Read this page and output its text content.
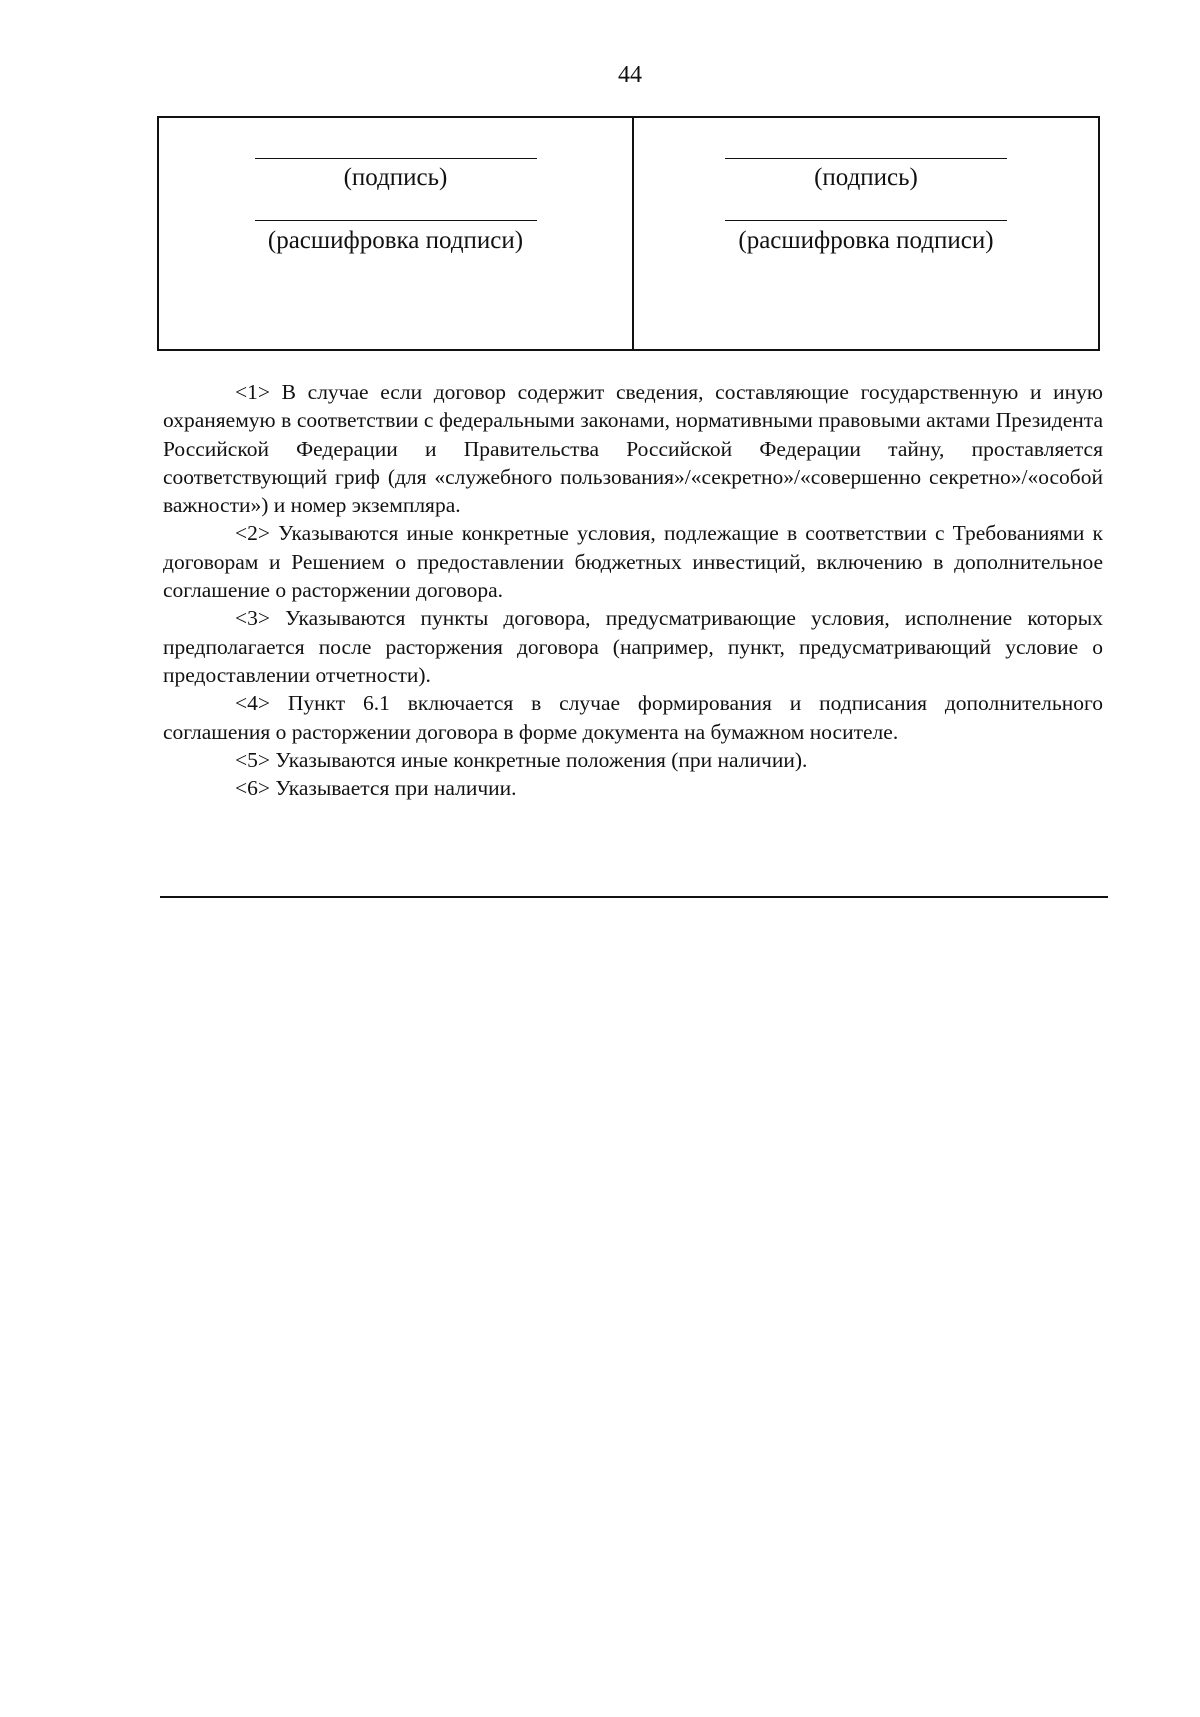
44
(подпись)
(расшифровка подписи)
(подпись)
(расшифровка подписи)

<1> В случае если договор содержит сведения, составляющие государственную и иную охраняемую в соответствии с федеральными законами, нормативными правовыми актами Президента Российской Федерации и Правительства Российской Федерации тайну, проставляется соответствующий гриф (для «служебного пользования»/«секретно»/«совершенно секретно»/«особой важности») и номер экземпляра.

<2> Указываются иные конкретные условия, подлежащие в соответствии с Требованиями к договорам и Решением о предоставлении бюджетных инвестиций, включению в дополнительное соглашение о расторжении договора.

<3> Указываются пункты договора, предусматривающие условия, исполнение которых предполагается после расторжения договора (например, пункт, предусматривающий условие о предоставлении отчетности).

<4> Пункт 6.1 включается в случае формирования и подписания дополнительного соглашения о расторжении договора в форме документа на бумажном носителе.

<5> Указываются иные конкретные положения (при наличии).

<6> Указывается при наличии.
